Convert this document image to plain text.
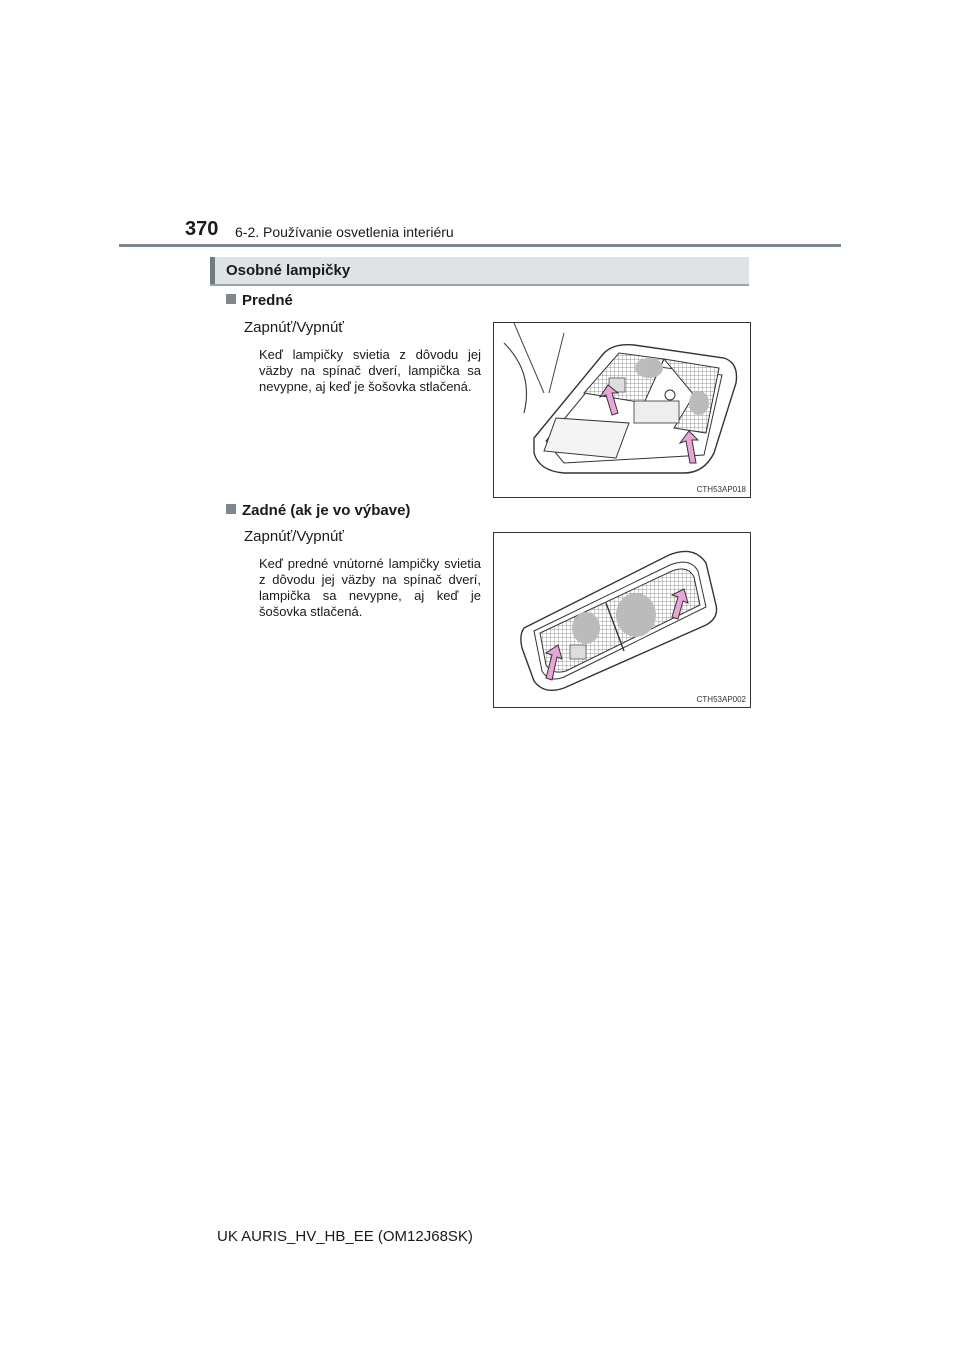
370 6-2. Používanie osvetlenia interiéru
Osobné lampičky
Predné
Zapnúť/Vypnúť
Keď lampičky svietia z dôvodu jej väzby na spínač dverí, lampička sa nevypne, aj keď je šošovka stlačená.
CTH53AP018
Zadné (ak je vo výbave)
Zapnúť/Vypnúť
Keď predné vnútorné lampičky svietia z dôvodu jej väzby na spínač dverí, lampička sa nevypne, aj keď je šošovka stlačená.
CTH53AP002
UK AURIS_HV_HB_EE (OM12J68SK)
